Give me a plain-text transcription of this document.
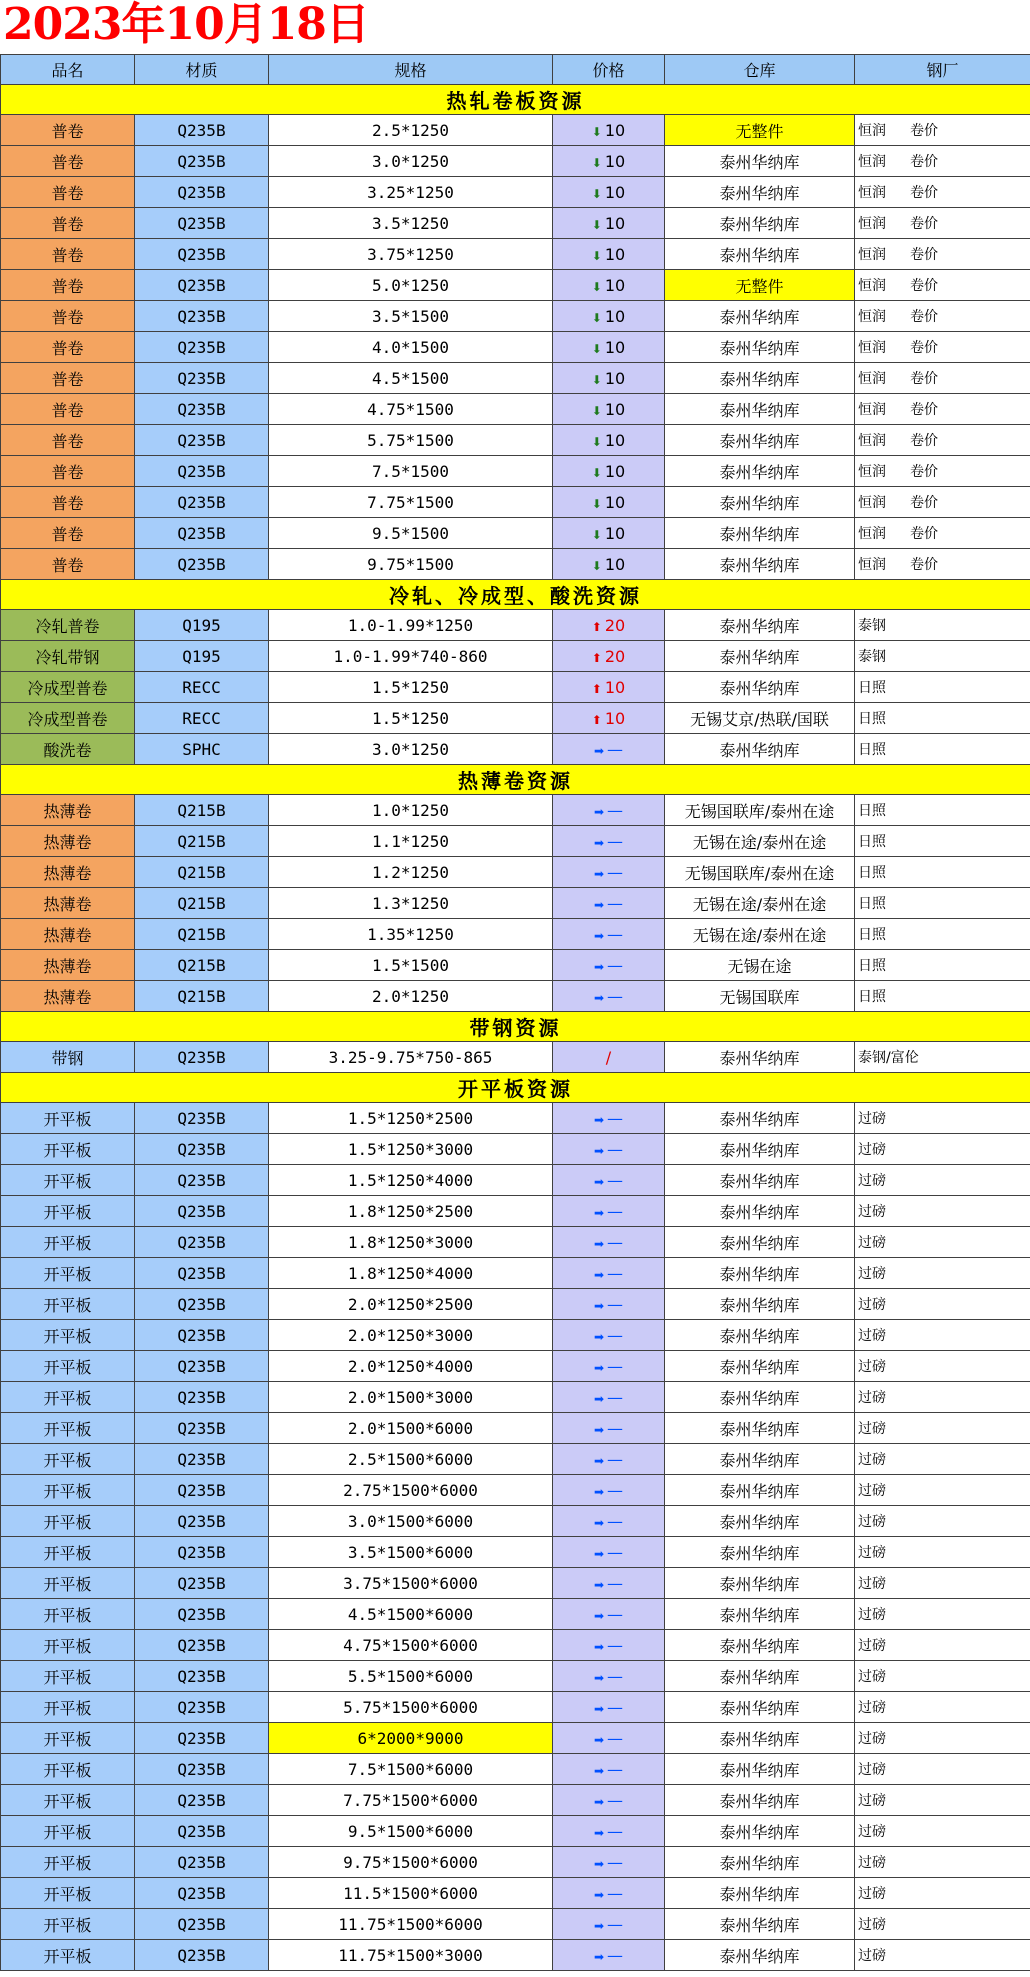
2023年10月18日
品名	材质	规格	价格	仓库	钢厂
热轧卷板资源					
普卷	Q235B	2.5*1250	⬇ 10	无整件	恒润 卷价
普卷	Q235B	3.0*1250	⬇ 10	泰州华纳库	恒润 卷价
普卷	Q235B	3.25*1250	⬇ 10	泰州华纳库	恒润 卷价
普卷	Q235B	3.5*1250	⬇ 10	泰州华纳库	恒润 卷价
普卷	Q235B	3.75*1250	⬇ 10	泰州华纳库	恒润 卷价
普卷	Q235B	5.0*1250	⬇ 10	无整件	恒润 卷价
普卷	Q235B	3.5*1500	⬇ 10	泰州华纳库	恒润 卷价
普卷	Q235B	4.0*1500	⬇ 10	泰州华纳库	恒润 卷价
普卷	Q235B	4.5*1500	⬇ 10	泰州华纳库	恒润 卷价
普卷	Q235B	4.75*1500	⬇ 10	泰州华纳库	恒润 卷价
普卷	Q235B	5.75*1500	⬇ 10	泰州华纳库	恒润 卷价
普卷	Q235B	7.5*1500	⬇ 10	泰州华纳库	恒润 卷价
普卷	Q235B	7.75*1500	⬇ 10	泰州华纳库	恒润 卷价
普卷	Q235B	9.5*1500	⬇ 10	泰州华纳库	恒润 卷价
普卷	Q235B	9.75*1500	⬇ 10	泰州华纳库	恒润 卷价
冷轧、冷成型、酸洗资源					
冷轧普卷	Q195	1.0-1.99*1250	⬆ 20	泰州华纳库	泰钢
冷轧带钢	Q195	1.0-1.99*740-860	⬆ 20	泰州华纳库	泰钢
冷成型普卷	RECC	1.5*1250	⬆ 10	泰州华纳库	日照
冷成型普卷	RECC	1.5*1250	⬆ 10	无锡艾京/热联/国联	日照
酸洗卷	SPHC	3.0*1250	➡ —	泰州华纳库	日照
热薄卷资源					
热薄卷	Q215B	1.0*1250	➡ —	无锡国联库/泰州在途	日照
热薄卷	Q215B	1.1*1250	➡ —	无锡在途/泰州在途	日照
热薄卷	Q215B	1.2*1250	➡ —	无锡国联库/泰州在途	日照
热薄卷	Q215B	1.3*1250	➡ —	无锡在途/泰州在途	日照
热薄卷	Q215B	1.35*1250	➡ —	无锡在途/泰州在途	日照
热薄卷	Q215B	1.5*1500	➡ —	无锡在途	日照
热薄卷	Q215B	2.0*1250	➡ —	无锡国联库	日照
带钢资源					
带钢	Q235B	3.25-9.75*750-865	/	泰州华纳库	泰钢/富伦
开平板资源					
开平板	Q235B	1.5*1250*2500	➡ —	泰州华纳库	过磅
开平板	Q235B	1.5*1250*3000	➡ —	泰州华纳库	过磅
开平板	Q235B	1.5*1250*4000	➡ —	泰州华纳库	过磅
开平板	Q235B	1.8*1250*2500	➡ —	泰州华纳库	过磅
开平板	Q235B	1.8*1250*3000	➡ —	泰州华纳库	过磅
开平板	Q235B	1.8*1250*4000	➡ —	泰州华纳库	过磅
开平板	Q235B	2.0*1250*2500	➡ —	泰州华纳库	过磅
开平板	Q235B	2.0*1250*3000	➡ —	泰州华纳库	过磅
开平板	Q235B	2.0*1250*4000	➡ —	泰州华纳库	过磅
开平板	Q235B	2.0*1500*3000	➡ —	泰州华纳库	过磅
开平板	Q235B	2.0*1500*6000	➡ —	泰州华纳库	过磅
开平板	Q235B	2.5*1500*6000	➡ —	泰州华纳库	过磅
开平板	Q235B	2.75*1500*6000	➡ —	泰州华纳库	过磅
开平板	Q235B	3.0*1500*6000	➡ —	泰州华纳库	过磅
开平板	Q235B	3.5*1500*6000	➡ —	泰州华纳库	过磅
开平板	Q235B	3.75*1500*6000	➡ —	泰州华纳库	过磅
开平板	Q235B	4.5*1500*6000	➡ —	泰州华纳库	过磅
开平板	Q235B	4.75*1500*6000	➡ —	泰州华纳库	过磅
开平板	Q235B	5.5*1500*6000	➡ —	泰州华纳库	过磅
开平板	Q235B	5.75*1500*6000	➡ —	泰州华纳库	过磅
开平板	Q235B	6*2000*9000	➡ —	泰州华纳库	过磅
开平板	Q235B	7.5*1500*6000	➡ —	泰州华纳库	过磅
开平板	Q235B	7.75*1500*6000	➡ —	泰州华纳库	过磅
开平板	Q235B	9.5*1500*6000	➡ —	泰州华纳库	过磅
开平板	Q235B	9.75*1500*6000	➡ —	泰州华纳库	过磅
开平板	Q235B	11.5*1500*6000	➡ —	泰州华纳库	过磅
开平板	Q235B	11.75*1500*6000	➡ —	泰州华纳库	过磅
开平板	Q235B	11.75*1500*3000	➡ —	泰州华纳库	过磅
